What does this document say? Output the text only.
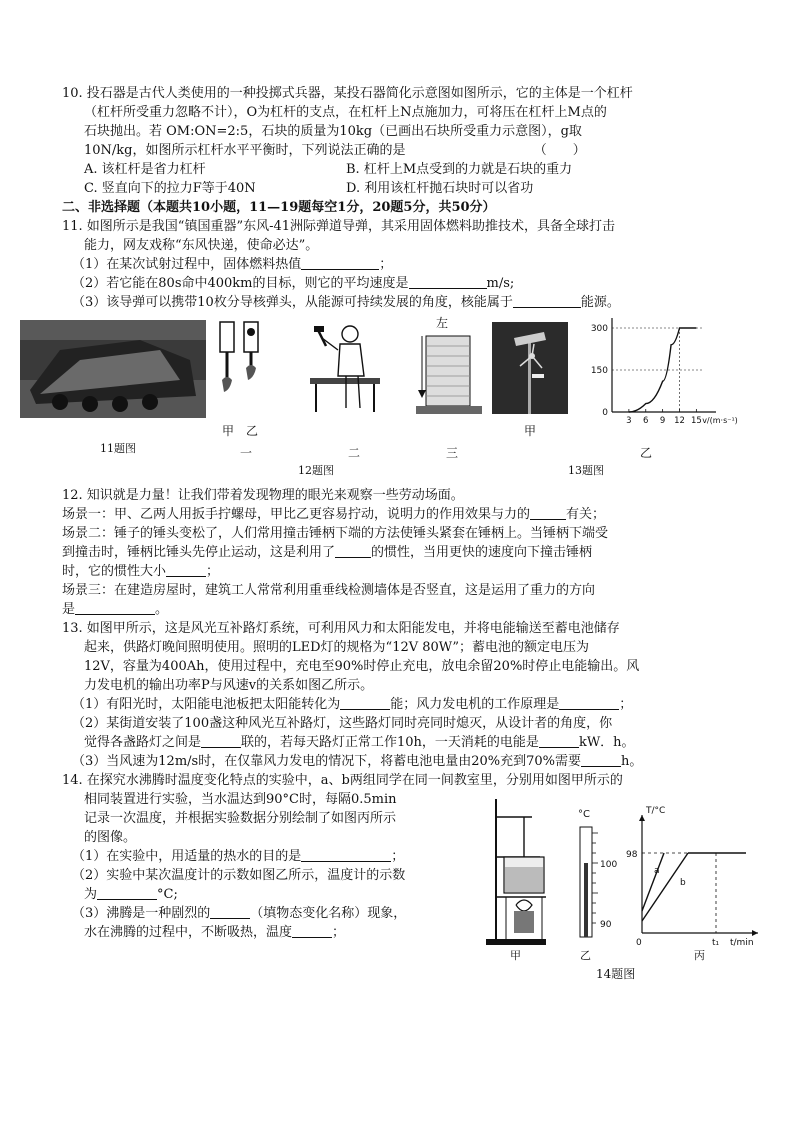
10. 投石器是古代人类使用的一种投掷式兵器，某投石器简化示意图如图所示，它的主体是一个杠杆
（杠杆所受重力忽略不计），O为杠杆的支点，在杠杆上N点施加力，可将压在杠杆上M点的
石块抛出。若 OM:ON=2:5，石块的质量为10kg（已画出石块所受重力示意图），g取
10N/kg，如图所示杠杆水平平衡时，下列说法正确的是	（　　）
A. 该杠杆是省力杠杆	B. 杠杆上M点受到的力就是石块的重力
C. 竖直向下的拉力F等于40N	D. 利用该杠杆抛石块时可以省功
二、非选择题（本题共10小题，11—19题每空1分，20题5分，共50分）
11. 如图所示是我国“镇国重器”东风-41洲际弹道导弹，其采用固体燃料助推技术，具备全球打击
能力，网友戏称“东风快递，使命必达”。
（1）在某次试射过程中，固体燃料热值	；
（2）若它能在80s命中400km的目标，则它的平均速度是	m/s;
（3）该导弹可以携带10枚分导核弹头，从能源可持续发展的角度，核能属于	能源。
11题图
甲 乙
一	二
左
三
甲
150
300
0
3 6 9 12 15 v/(m·s⁻¹)
乙
12题图	13题图
12. 知识就是力量！让我们带着发现物理的眼光来观察一些劳动场面。
场景一：甲、乙两人用扳手拧螺母，甲比乙更容易拧动，说明力的作用效果与力的	有关；
场景二：锤子的锤头变松了，人们常用撞击锤柄下端的方法使锤头紧套在锤柄上。当锤柄下端受
到撞击时，锤柄比锤头先停止运动，这是利用了	的惯性，当用更快的速度向下撞击锤柄
时，它的惯性大小	；
场景三：在建造房屋时，建筑工人常常利用重垂线检测墙体是否竖直，这是运用了重力的方向
是	。
13. 如图甲所示，这是风光互补路灯系统，可利用风力和太阳能发电，并将电能输送至蓄电池储存
起来，供路灯晚间照明使用。照明的LED灯的规格为“12V 80W”；蓄电池的额定电压为
12V，容量为400Ah，使用过程中，充电至90%时停止充电，放电余留20%时停止电能输出。风
力发电机的输出功率P与风速v的关系如图乙所示。
（1）有阳光时，太阳能电池板把太阳能转化为	能；风力发电机的工作原理是	；
（2）某街道安装了100盏这种风光互补路灯，这些路灯同时亮同时熄灭，从设计者的角度，你
觉得各盏路灯之间是	联的，若每天路灯正常工作10h，一天消耗的电能是	kW．h。
（3）当风速为12m/s时，在仅靠风力发电的情况下，将蓄电池电量由20%充到70%需要	h。
14. 在探究水沸腾时温度变化特点的实验中，a、b两组同学在同一间教室里，分别用如图甲所示的
相同装置进行实验，当水温达到90°C时，每隔0.5min
记录一次温度，并根据实验数据分别绘制了如图丙所示
的图像。
（1）在实验中，用适量的热水的目的是	；
（2）实验中某次温度计的示数如图乙所示，温度计的示数
为	°C;
（3）沸腾是一种剧烈的	（填物态变化名称）现象，
水在沸腾的过程中，不断吸热，温度	；
°C
100
90
T/°C
98
a
b
0	t₁ t/min
甲	乙	丙
14题图
